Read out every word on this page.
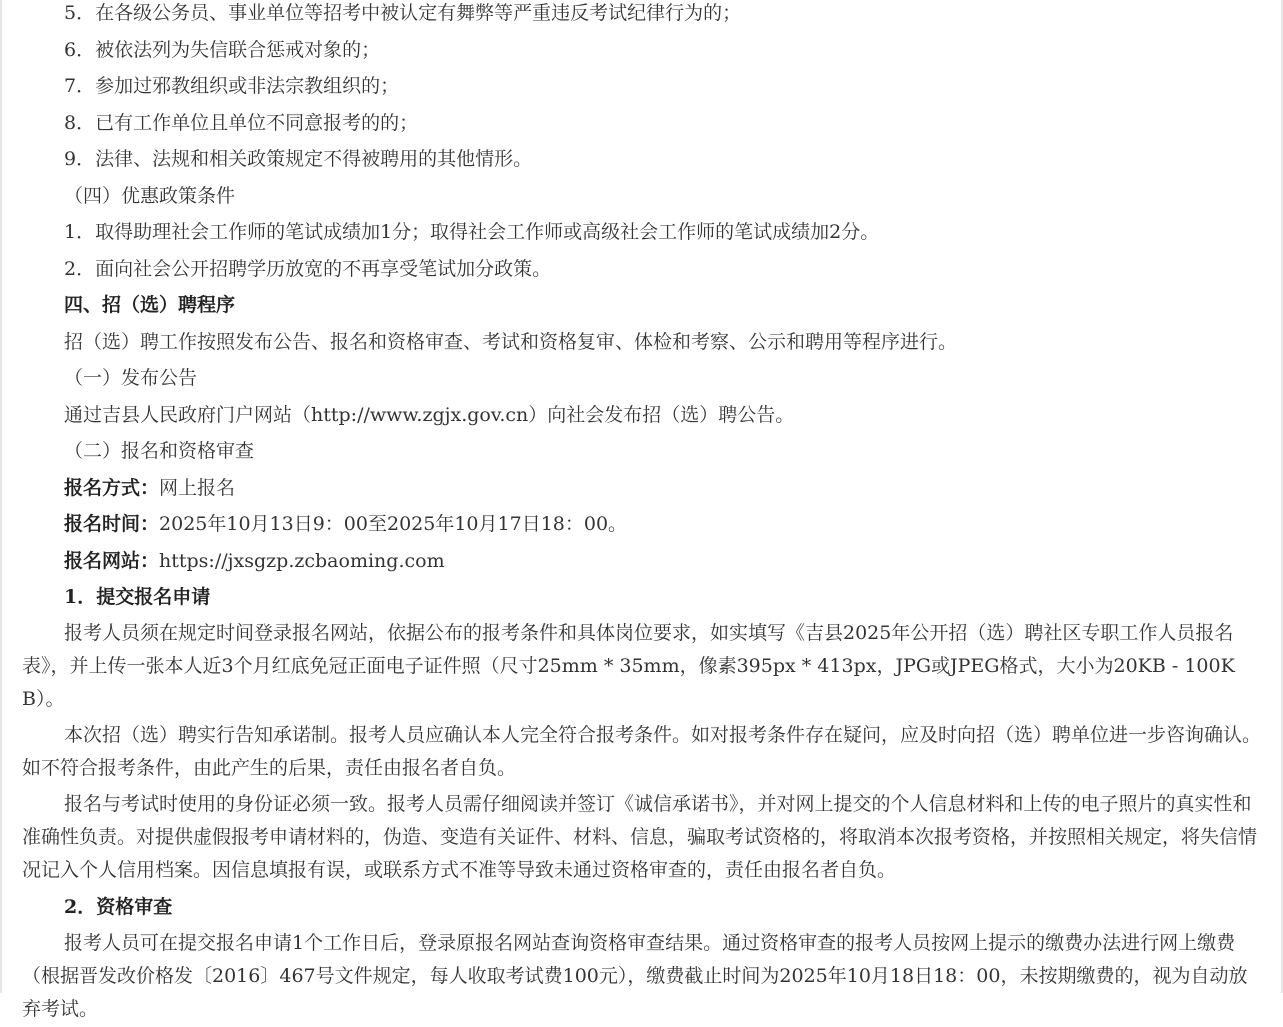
5．在各级公务员、事业单位等招考中被认定有舞弊等严重违反考试纪律行为的；

6．被依法列为失信联合惩戒对象的；

7．参加过邪教组织或非法宗教组织的；

8．已有工作单位且单位不同意报考的的；

9．法律、法规和相关政策规定不得被聘用的其他情形。

（四）优惠政策条件

1．取得助理社会工作师的笔试成绩加1分；取得社会工作师或高级社会工作师的笔试成绩加2分。

2．面向社会公开招聘学历放宽的不再享受笔试加分政策。

四、招（选）聘程序

招（选）聘工作按照发布公告、报名和资格审查、考试和资格复审、体检和考察、公示和聘用等程序进行。

（一）发布公告

通过吉县人民政府门户网站（http://www.zgjx.gov.cn）向社会发布招（选）聘公告。

（二）报名和资格审查

报名方式：网上报名

报名时间：2025年10月13日9：00至2025年10月17日18：00。

报名网站：https://jxsgzp.zcbaoming.com

1．提交报名申请

报考人员须在规定时间登录报名网站，依据公布的报考条件和具体岗位要求，如实填写《吉县2025年公开招（选）聘社区专职工作人员报名表》，并上传一张本人近3个月红底免冠正面电子证件照（尺寸25mm * 35mm，像素395px * 413px，JPG或JPEG格式，大小为20KB - 100KB）。

本次招（选）聘实行告知承诺制。报考人员应确认本人完全符合报考条件。如对报考条件存在疑问，应及时向招（选）聘单位进一步咨询确认。如不符合报考条件，由此产生的后果，责任由报名者自负。

报名与考试时使用的身份证必须一致。报考人员需仔细阅读并签订《诚信承诺书》，并对网上提交的个人信息材料和上传的电子照片的真实性和准确性负责。对提供虚假报考申请材料的，伪造、变造有关证件、材料、信息，骗取考试资格的，将取消本次报考资格，并按照相关规定，将失信情况记入个人信用档案。因信息填报有误，或联系方式不准等导致未通过资格审查的，责任由报名者自负。

2．资格审查

报考人员可在提交报名申请1个工作日后，登录原报名网站查询资格审查结果。通过资格审查的报考人员按网上提示的缴费办法进行网上缴费（根据晋发改价格发〔2016〕467号文件规定，每人收取考试费100元），缴费截止时间为2025年10月18日18：00，未按期缴费的，视为自动放弃考试。
